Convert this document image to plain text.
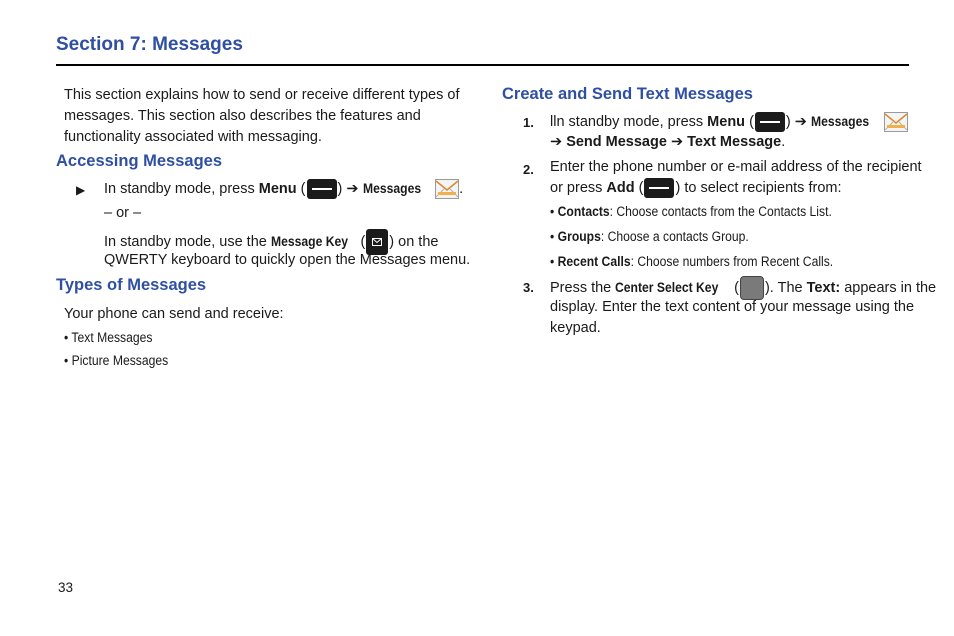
Section 7: Messages

This section explains how to send or receive different types of

messages. This section also describes the features and

functionality associated with messaging.

Accessing Messages
▶ In standby mode, press Menu ( ) ➔ Messages	.

– or –

In standby mode, use the Message Key ( ) on the

QWERTY keyboard to quickly open the Messages menu.

Types of Messages

Your phone can send and receive:

• Text Messages

• Picture Messages

Create and Send Text Messages
1. lln standby mode, press Menu ( ) ➔ Messages

➔ Send Message ➔ Text Message.

2. Enter the phone number or e-mail address of the recipient

or press Add ( ) to select recipients from:

• Contacts: Choose contacts from the Contacts List.

• Groups: Choose a contacts Group.

• Recent Calls: Choose numbers from Recent Calls.

3. Press the Center Select Key ( ). The Text: appears in the

display. Enter the text content of your message using the

keypad.

33
